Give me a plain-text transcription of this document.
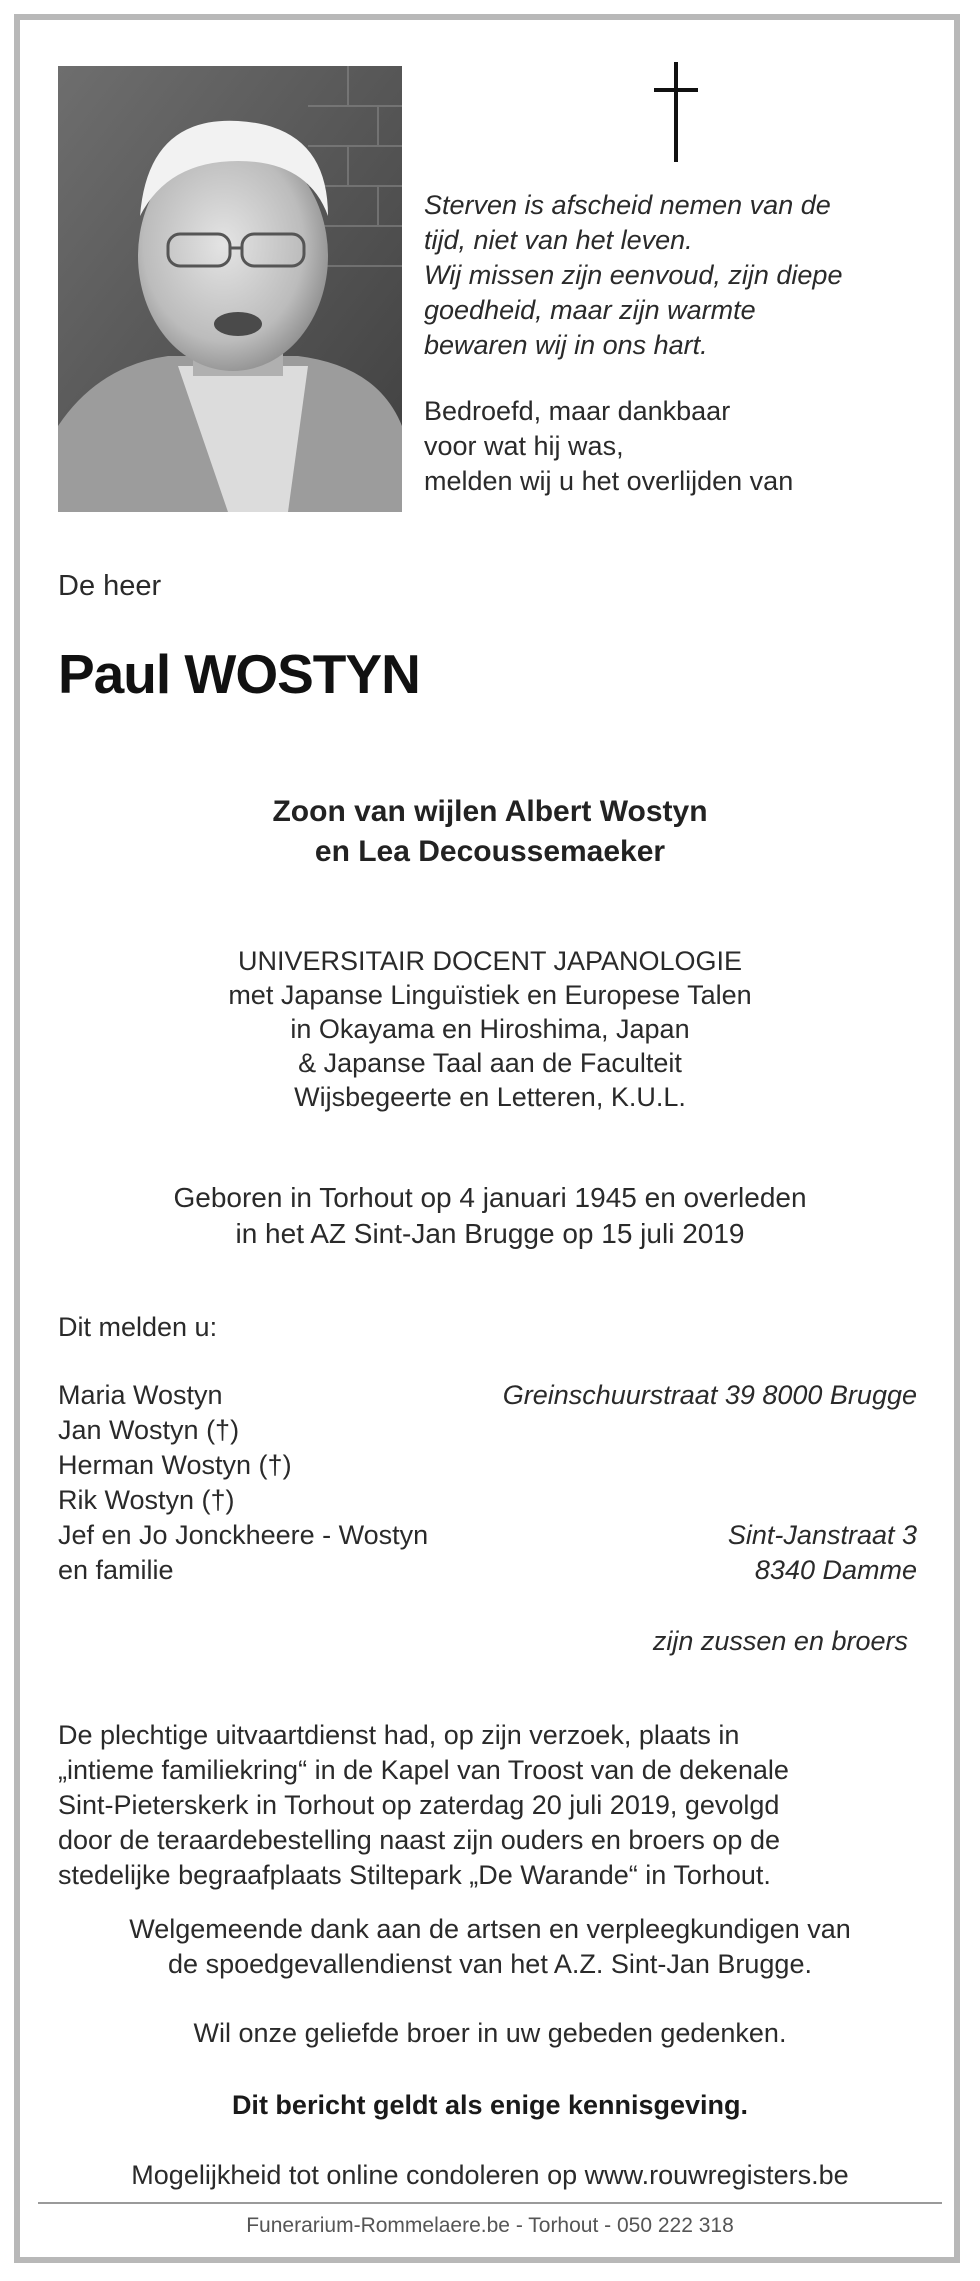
Sterven is afscheid nemen van de
tijd, niet van het leven.
Wij missen zijn eenvoud, zijn diepe
goedheid, maar zijn warmte
bewaren wij in ons hart.
Bedroefd, maar dankbaar
voor wat hij was,
melden wij u het overlijden van
De heer
Paul WOSTYN
Zoon van wijlen Albert Wostyn
en Lea Decoussemaeker
UNIVERSITAIR DOCENT JAPANOLOGIE
met Japanse Linguïstiek en Europese Talen
in Okayama en Hiroshima, Japan
& Japanse Taal aan de Faculteit
Wijsbegeerte en Letteren, K.U.L.
Geboren in Torhout op 4 januari 1945 en overleden
in het AZ Sint-Jan Brugge op 15 juli 2019
Dit melden u:
Maria Wostyn
Jan Wostyn (†)
Herman Wostyn (†)
Rik Wostyn (†)
Jef en Jo Jonckheere - Wostyn
en familie
Greinschuurstraat 39 8000 Brugge
Sint-Janstraat 3
8340 Damme
zijn zussen en broers
De plechtige uitvaartdienst had, op zijn verzoek, plaats in
„intieme familiekring“ in de Kapel van Troost van de dekenale
Sint-Pieterskerk in Torhout op zaterdag 20 juli 2019, gevolgd
door de teraardebestelling naast zijn ouders en broers op de
stedelijke begraafplaats Stiltepark „De Warande“ in Torhout.
Welgemeende dank aan de artsen en verpleegkundigen van
de spoedgevallendienst van het A.Z. Sint-Jan Brugge.
Wil onze geliefde broer in uw gebeden gedenken.
Dit bericht geldt als enige kennisgeving.
Mogelijkheid tot online condoleren op www.rouwregisters.be
Funerarium-Rommelaere.be - Torhout - 050 222 318
